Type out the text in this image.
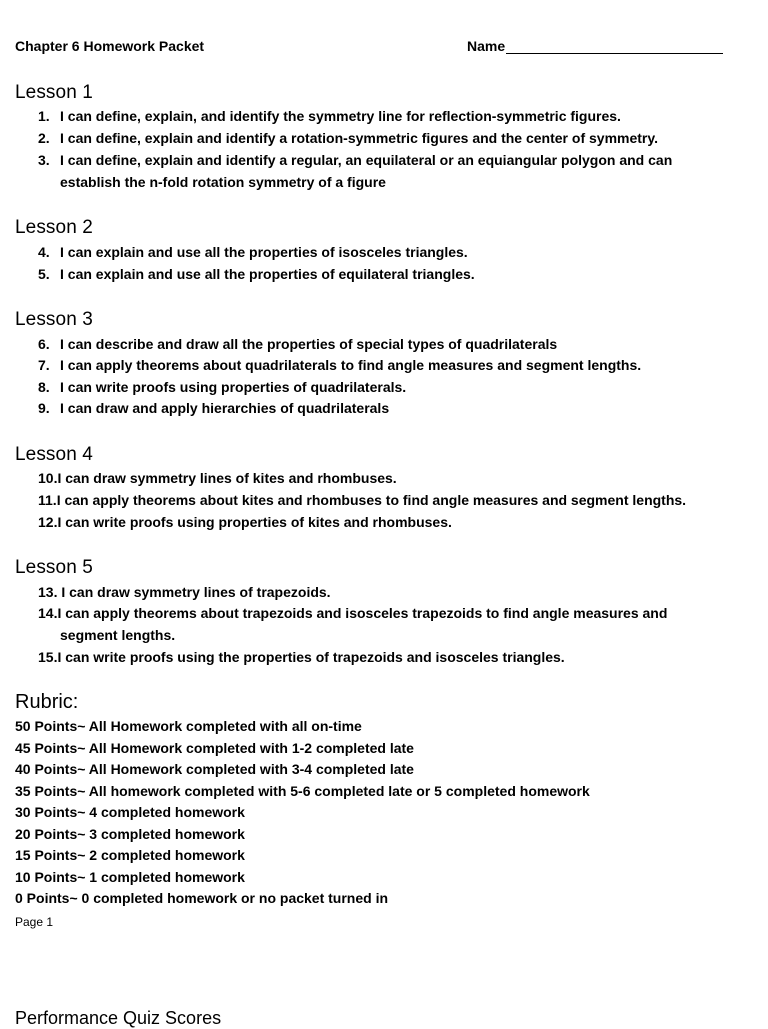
Chapter 6 Homework Packet	Name
Lesson 1
1. I can define, explain, and identify the symmetry line for reflection-symmetric figures.
2. I can define, explain and identify a rotation-symmetric figures and the center of symmetry.
3. I can define, explain and identify a regular, an equilateral or an equiangular polygon and can
establish the n-fold rotation symmetry of a figure
Lesson 2
4. I can explain and use all the properties of isosceles triangles.
5. I can explain and use all the properties of equilateral triangles.
Lesson 3
6. I can describe and draw all the properties of special types of quadrilaterals
7. I can apply theorems about quadrilaterals to find angle measures and segment lengths.
8. I can write proofs using properties of quadrilaterals.
9. I can draw and apply hierarchies of quadrilaterals
Lesson 4
10.I can draw symmetry lines of kites and rhombuses.
11.I can apply theorems about kites and rhombuses to find angle measures and segment lengths.
12.I can write proofs using properties of kites and rhombuses.
Lesson 5
13. I can draw symmetry lines of trapezoids.
14.I can apply theorems about trapezoids and isosceles trapezoids to find angle measures and
segment lengths.
15.I can write proofs using the properties of trapezoids and isosceles triangles.
Rubric:
50 Points~ All Homework completed with all on-time
45 Points~ All Homework completed with 1-2 completed late
40 Points~ All Homework completed with 3-4 completed late
35 Points~ All homework completed with 5-6 completed late or 5 completed homework
30 Points~ 4 completed homework
20 Points~ 3 completed homework
15 Points~ 2 completed homework
10 Points~ 1 completed homework
0 Points~ 0 completed homework or no packet turned in
Page 1
Performance Quiz Scores
